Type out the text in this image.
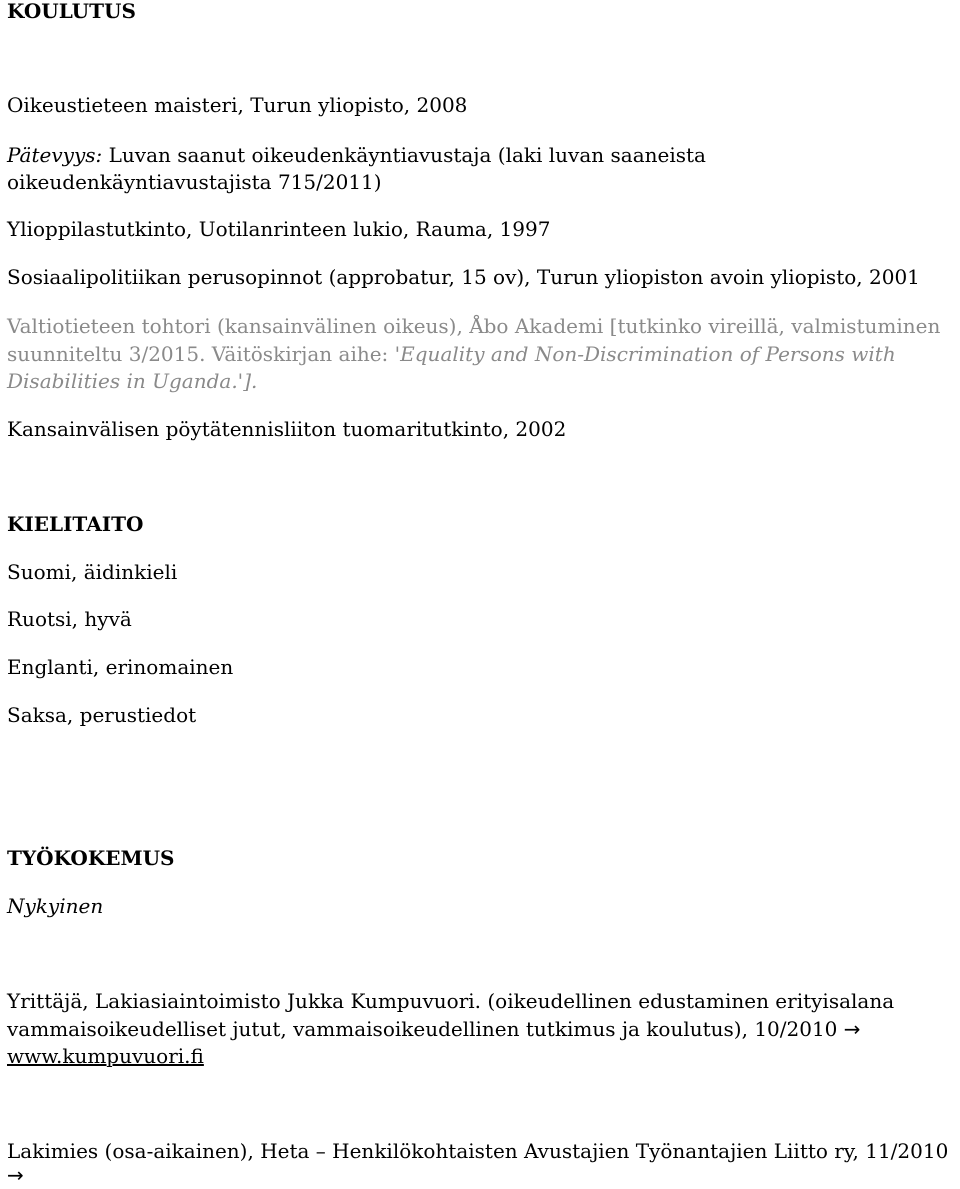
KOULUTUS
Oikeustieteen maisteri, Turun yliopisto, 2008
Pätevyys: Luvan saanut oikeudenkäyntiavustaja (laki luvan saaneista
oikeudenkäyntiavustajista 715/2011)
Ylioppilastutkinto, Uotilanrinteen lukio, Rauma, 1997
Sosiaalipolitiikan perusopinnot (approbatur, 15 ov), Turun yliopiston avoin yliopisto, 2001
Valtiotieteen tohtori (kansainvälinen oikeus), Åbo Akademi [tutkinko vireillä, valmistuminen
suunniteltu 3/2015. Väitöskirjan aihe: 'Equality and Non-Discrimination of Persons with
Disabilities in Uganda.'].
Kansainvälisen pöytätennisliiton tuomaritutkinto, 2002
KIELITAITO
Suomi, äidinkieli
Ruotsi, hyvä
Englanti, erinomainen
Saksa, perustiedot
TYÖKOKEMUS
Nykyinen
Yrittäjä, Lakiasiaintoimisto Jukka Kumpuvuori. (oikeudellinen edustaminen erityisalana
vammaisoikeudelliset jutut, vammaisoikeudellinen tutkimus ja koulutus), 10/2010 →
www.kumpuvuori.fi
Lakimies (osa-aikainen), Heta – Henkilökohtaisten Avustajien Työnantajien Liitto ry, 11/2010
→
